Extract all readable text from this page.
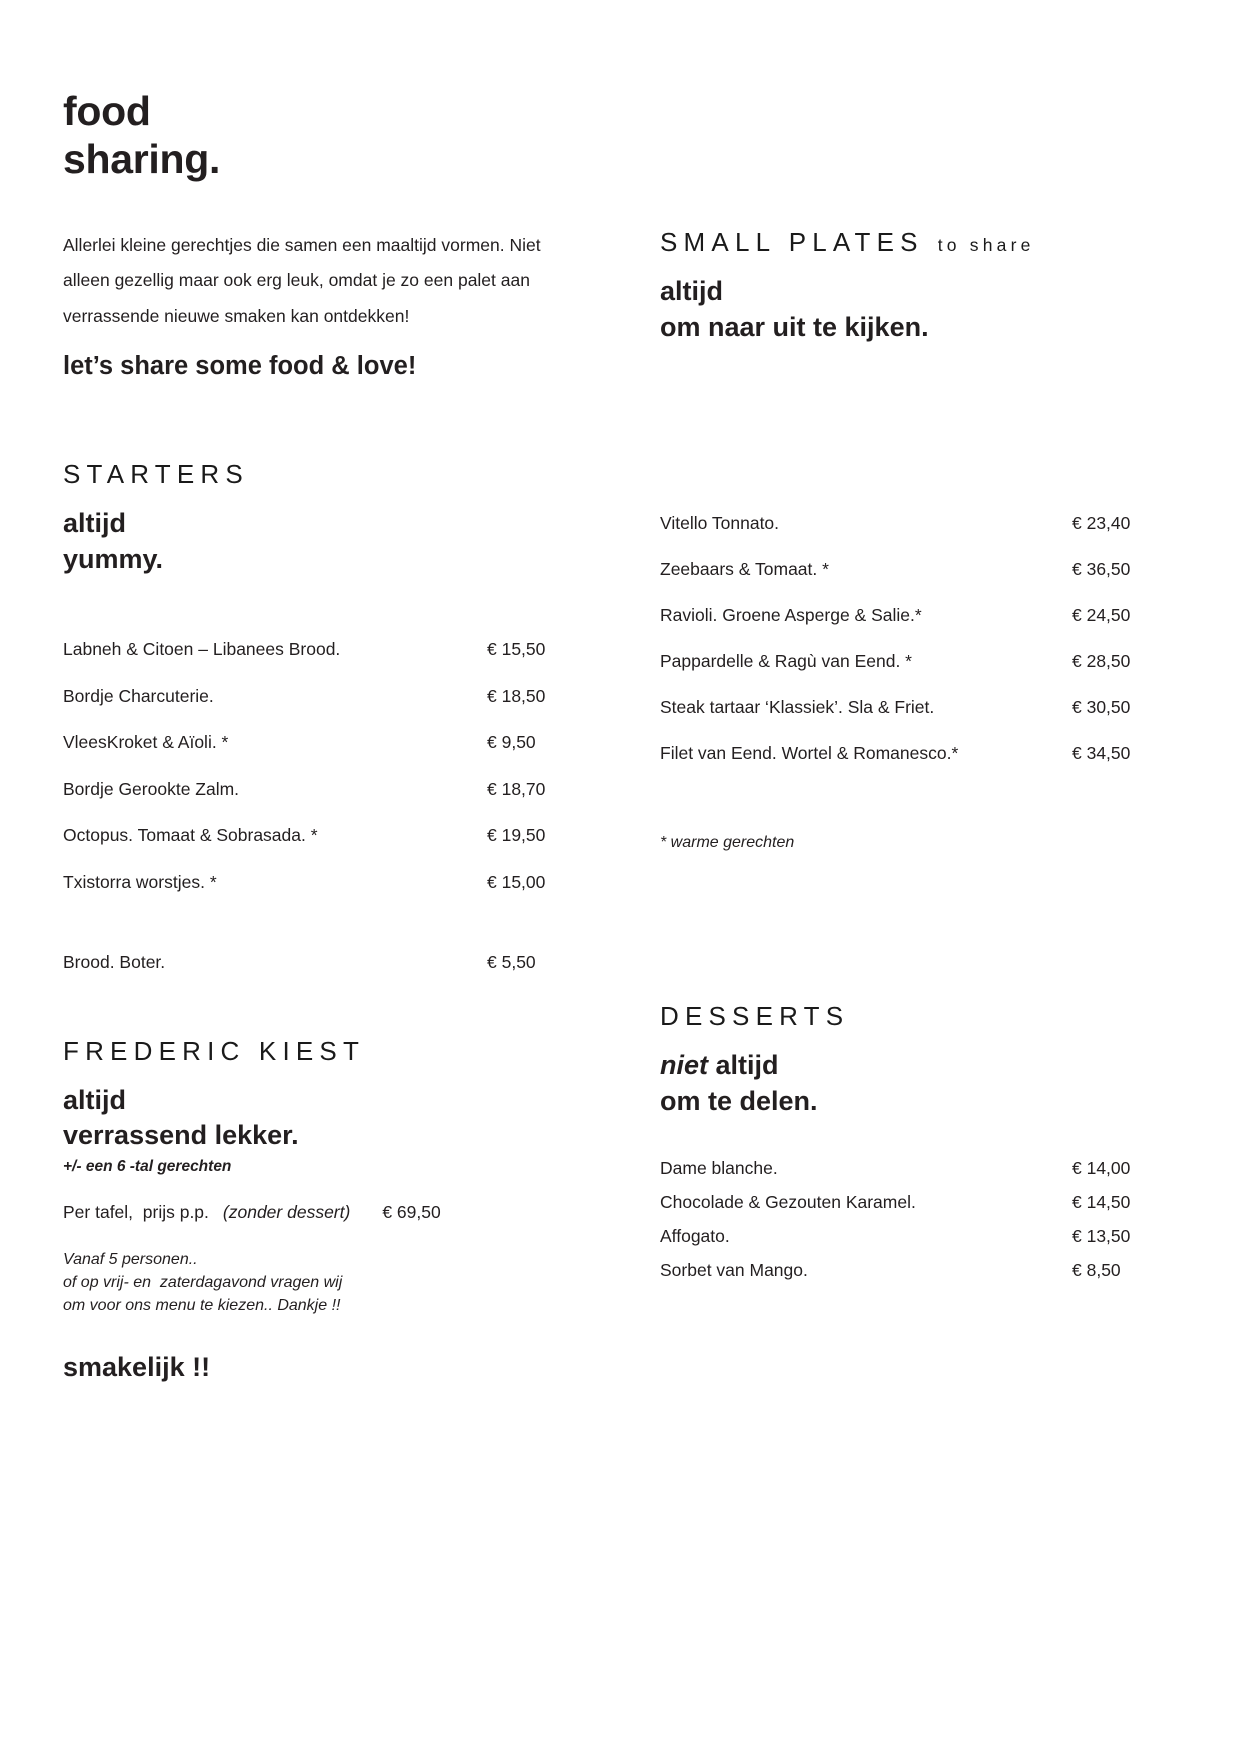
food
sharing.
Allerlei kleine gerechtjes die samen een maaltijd vormen. Niet alleen gezellig maar ook erg leuk, omdat je zo een palet aan verrassende nieuwe smaken kan ontdekken!
let’s share some food & love!
STARTERS
altijd
yummy.
Labneh & Citoen – Libanees Brood.	€ 15,50
Bordje Charcuterie.	€ 18,50
VleesKroket & Aïoli. *	€ 9,50
Bordje Gerookte Zalm.	€ 18,70
Octopus. Tomaat & Sobrasada. *	€ 19,50
Txistorra worstjes. *	€ 15,00
Brood. Boter.	€ 5,50
FREDERIC KIEST
altijd
verrassend lekker.
+/- een 6 -tal gerechten
Per tafel,  prijs p.p. (zonder dessert) € 69,50
Vanaf 5 personen..
of op vrij- en  zaterdagavond vragen wij
om voor ons menu te kiezen.. Dankje !!
smakelijk !!
SMALL PLATES to share
altijd
om naar uit te kijken.
Vitello Tonnato.	€ 23,40
Zeebaars & Tomaat. *	€ 36,50
Ravioli. Groene Asperge & Salie.*	€ 24,50
Pappardelle & Ragù van Eend. *	€ 28,50
Steak tartaar ‘Klassiek’. Sla & Friet.	€ 30,50
Filet van Eend. Wortel & Romanesco.*	€ 34,50
* warme gerechten
DESSERTS
niet altijd
om te delen.
Dame blanche.	€ 14,00
Chocolade & Gezouten Karamel.	€ 14,50
Affogato.	€ 13,50
Sorbet van Mango.	€ 8,50
